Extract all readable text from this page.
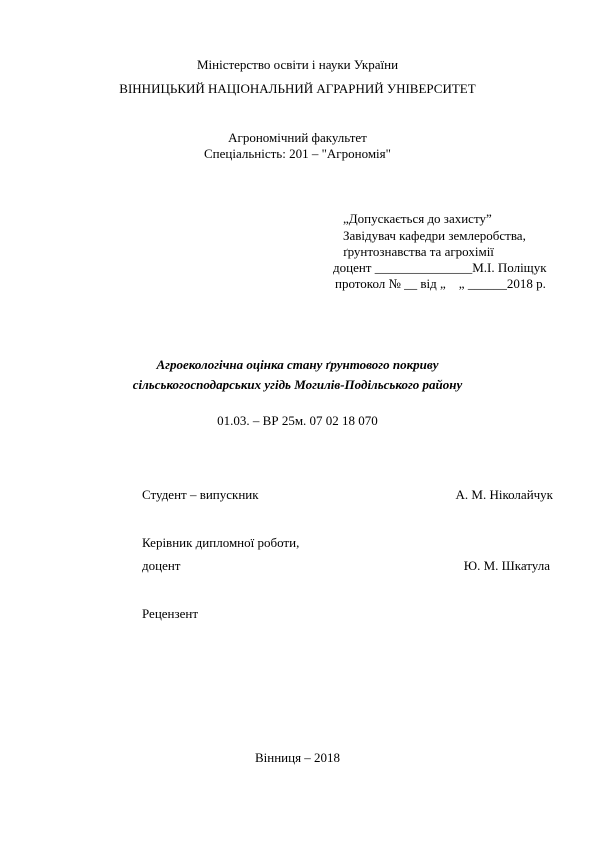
Міністерство освіти і науки України
ВІННИЦЬКИЙ НАЦІОНАЛЬНИЙ АГРАРНИЙ УНІВЕРСИТЕТ
Агрономічний факультет
Спеціальність: 201 – "Агрономія"
„Допускається до захисту”
Завідувач кафедри землеробства,
ґрунтознавства та агрохімії
доцент _______________М.І. Поліщук
протокол № __ від „    „ ______2018 р.
Агроекологічна оцінка стану ґрунтового покриву
сільськогосподарських угідь Могилів-Подільського району
01.03. – ВР 25м. 07 02 18 070
Студент – випускник	А. М. Ніколайчук
Керівник дипломної роботи,
доцент	Ю. М. Шкатула
Рецензент
Вінниця – 2018
